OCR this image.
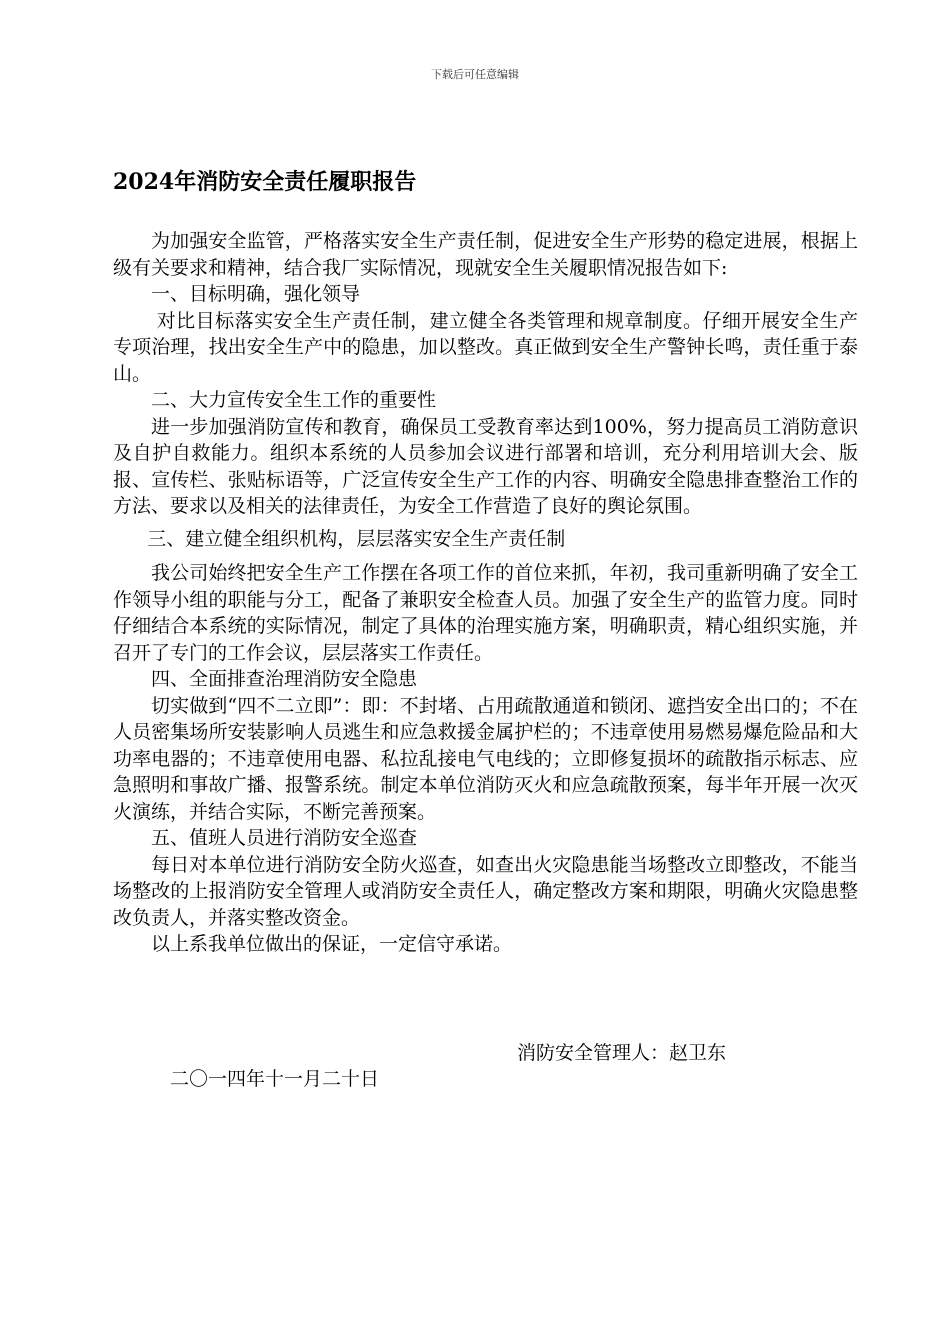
下载后可任意编辑
2024年消防安全责任履职报告

为加强安全监管，严格落实安全生产责任制，促进安全生产形势的稳定进展，根据上级有关要求和精神，结合我厂实际情况，现就安全生关履职情况报告如下:

一、目标明确，强化领导

对比目标落实安全生产责任制，建立健全各类管理和规章制度。仔细开展安全生产专项治理，找出安全生产中的隐患，加以整改。真正做到安全生产警钟长鸣，责任重于泰山。

二、大力宣传安全生工作的重要性

进一步加强消防宣传和教育，确保员工受教育率达到100%，努力提高员工消防意识及自护自救能力。组织本系统的人员参加会议进行部署和培训，充分利用培训大会、版报、宣传栏、张贴标语等，广泛宣传安全生产工作的内容、明确安全隐患排查整治工作的方法、要求以及相关的法律责任，为安全工作营造了良好的舆论氛围。

三、建立健全组织机构，层层落实安全生产责任制

我公司始终把安全生产工作摆在各项工作的首位来抓，年初，我司重新明确了安全工作领导小组的职能与分工，配备了兼职安全检查人员。加强了安全生产的监管力度。同时仔细结合本系统的实际情况，制定了具体的治理实施方案，明确职责，精心组织实施，并召开了专门的工作会议，层层落实工作责任。

四、全面排查治理消防安全隐患

切实做到“四不二立即”：即：不封堵、占用疏散通道和锁闭、遮挡安全出口的；不在人员密集场所安装影响人员逃生和应急救援金属护栏的；不违章使用易燃易爆危险品和大功率电器的；不违章使用电器、私拉乱接电气电线的；立即修复损坏的疏散指示标志、应急照明和事故广播、报警系统。制定本单位消防灭火和应急疏散预案，每半年开展一次灭火演练，并结合实际，不断完善预案。

五、值班人员进行消防安全巡查

每日对本单位进行消防安全防火巡查，如查出火灾隐患能当场整改立即整改，不能当场整改的上报消防安全管理人或消防安全责任人，确定整改方案和期限，明确火灾隐患整改负责人，并落实整改资金。

以上系我单位做出的保证，一定信守承诺。

消防安全管理人：赵卫东
二〇一四年十一月二十日
